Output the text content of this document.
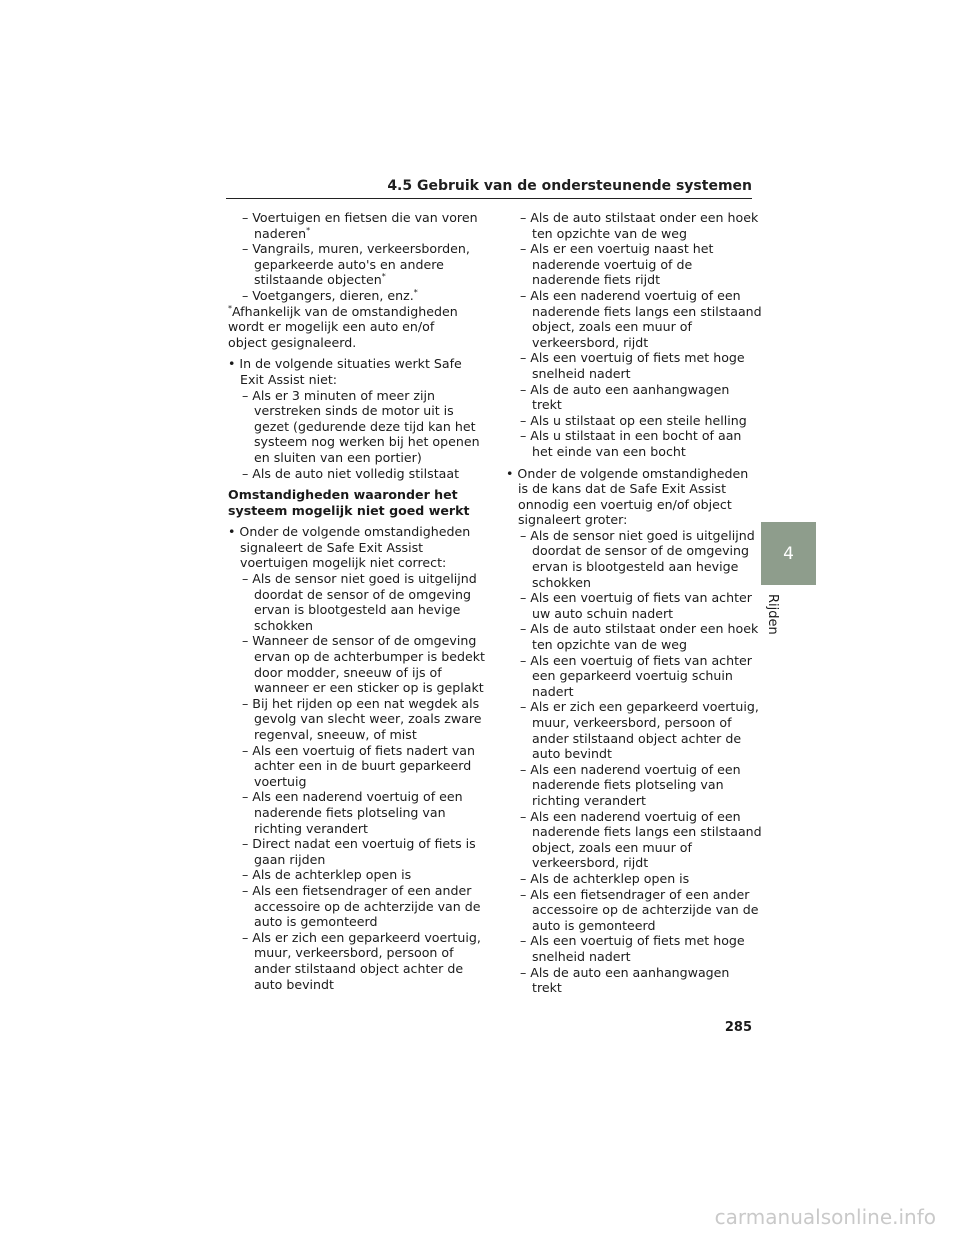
4.5 Gebruik van de ondersteunende systemen
– Voertuigen en fietsen die van voren
naderen*
– Vangrails, muren, verkeersborden,
geparkeerde auto's en andere
stilstaande objecten*
– Voetgangers, dieren, enz.*
*Afhankelijk van de omstandigheden
wordt er mogelijk een auto en/of
object gesignaleerd.
• In de volgende situaties werkt Safe
Exit Assist niet:
– Als er 3 minuten of meer zijn
verstreken sinds de motor uit is
gezet (gedurende deze tijd kan het
systeem nog werken bij het openen
en sluiten van een portier)
– Als de auto niet volledig stilstaat
Omstandigheden waaronder het
systeem mogelijk niet goed werkt
• Onder de volgende omstandigheden
signaleert de Safe Exit Assist
voertuigen mogelijk niet correct:
– Als de sensor niet goed is uitgelijnd
doordat de sensor of de omgeving
ervan is blootgesteld aan hevige
schokken
– Wanneer de sensor of de omgeving
ervan op de achterbumper is bedekt
door modder, sneeuw of ijs of
wanneer er een sticker op is geplakt
– Bij het rijden op een nat wegdek als
gevolg van slecht weer, zoals zware
regenval, sneeuw, of mist
– Als een voertuig of fiets nadert van
achter een in de buurt geparkeerd
voertuig
– Als een naderend voertuig of een
naderende fiets plotseling van
richting verandert
– Direct nadat een voertuig of fiets is
gaan rijden
– Als de achterklep open is
– Als een fietsendrager of een ander
accessoire op de achterzijde van de
auto is gemonteerd
– Als er zich een geparkeerd voertuig,
muur, verkeersbord, persoon of
ander stilstaand object achter de
auto bevindt
– Als de auto stilstaat onder een hoek
ten opzichte van de weg
– Als er een voertuig naast het
naderende voertuig of de
naderende fiets rijdt
– Als een naderend voertuig of een
naderende fiets langs een stilstaand
object, zoals een muur of
verkeersbord, rijdt
– Als een voertuig of fiets met hoge
snelheid nadert
– Als de auto een aanhangwagen
trekt
– Als u stilstaat op een steile helling
– Als u stilstaat in een bocht of aan
het einde van een bocht
• Onder de volgende omstandigheden
is de kans dat de Safe Exit Assist
onnodig een voertuig en/of object
signaleert groter:
– Als de sensor niet goed is uitgelijnd
doordat de sensor of de omgeving
ervan is blootgesteld aan hevige
schokken
– Als een voertuig of fiets van achter
uw auto schuin nadert
– Als de auto stilstaat onder een hoek
ten opzichte van de weg
– Als een voertuig of fiets van achter
een geparkeerd voertuig schuin
nadert
– Als er zich een geparkeerd voertuig,
muur, verkeersbord, persoon of
ander stilstaand object achter de
auto bevindt
– Als een naderend voertuig of een
naderende fiets plotseling van
richting verandert
– Als een naderend voertuig of een
naderende fiets langs een stilstaand
object, zoals een muur of
verkeersbord, rijdt
– Als de achterklep open is
– Als een fietsendrager of een ander
accessoire op de achterzijde van de
auto is gemonteerd
– Als een voertuig of fiets met hoge
snelheid nadert
– Als de auto een aanhangwagen
trekt
4
Rijden
285
carmanualsonline.info
